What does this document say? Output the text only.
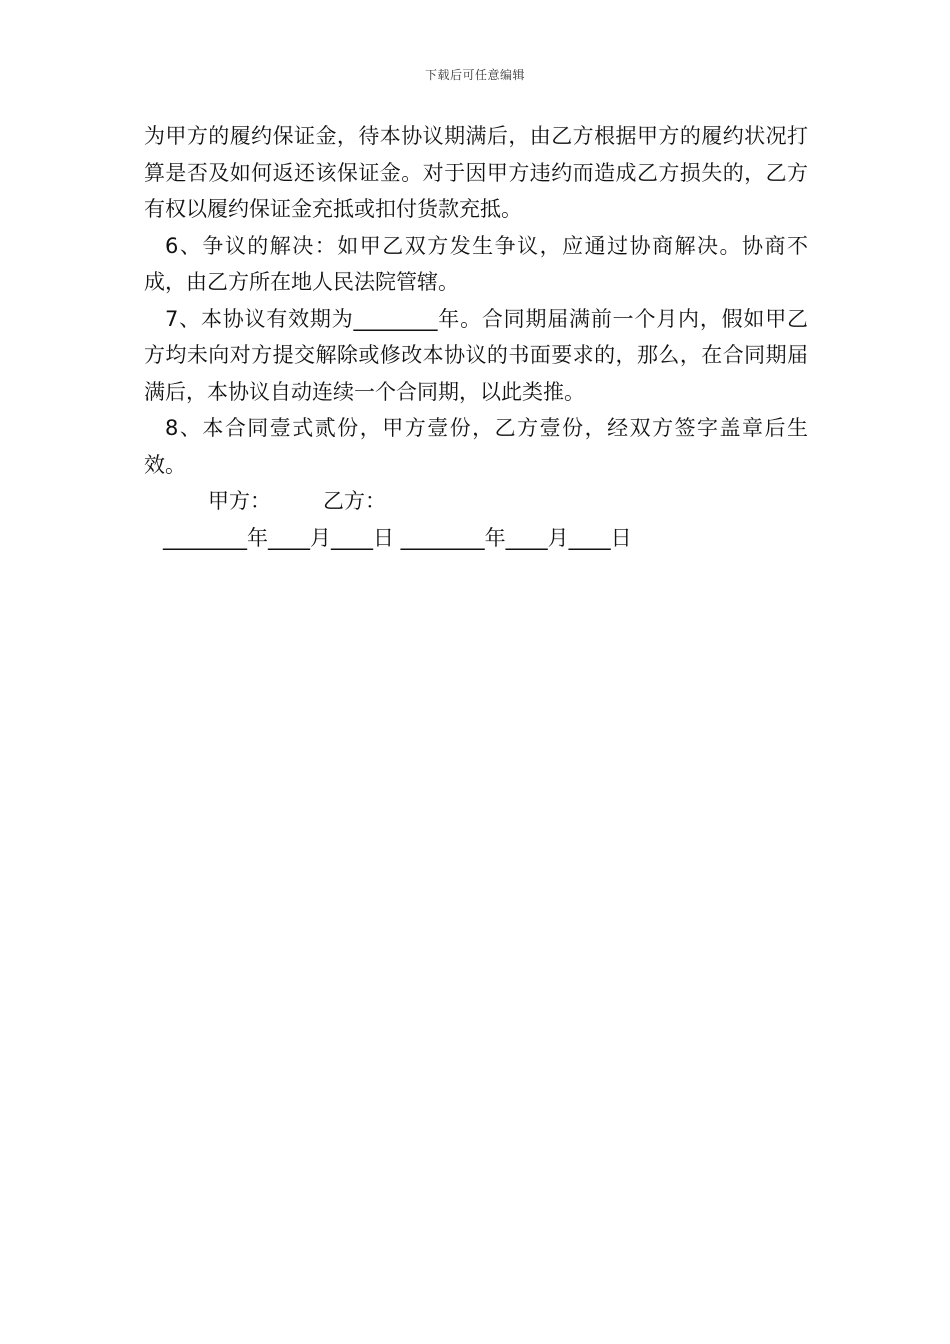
下载后可任意编辑

为甲方的履约保证金，待本协议期满后，由乙方根据甲方的履约状况打算是否及如何返还该保证金。对于因甲方违约而造成乙方损失的，乙方有权以履约保证金充抵或扣付货款充抵。

6、争议的解决：如甲乙双方发生争议，应通过协商解决。协商不成，由乙方所在地人民法院管辖。

7、本协议有效期为________年。合同期届满前一个月内，假如甲乙方均未向对方提交解除或修改本协议的书面要求的，那么，在合同期届满后，本协议自动连续一个合同期，以此类推。

8、本合同壹式贰份，甲方壹份，乙方壹份，经双方签字盖章后生效。

甲方： 乙方：

________年____月____日 ________年____月____日
